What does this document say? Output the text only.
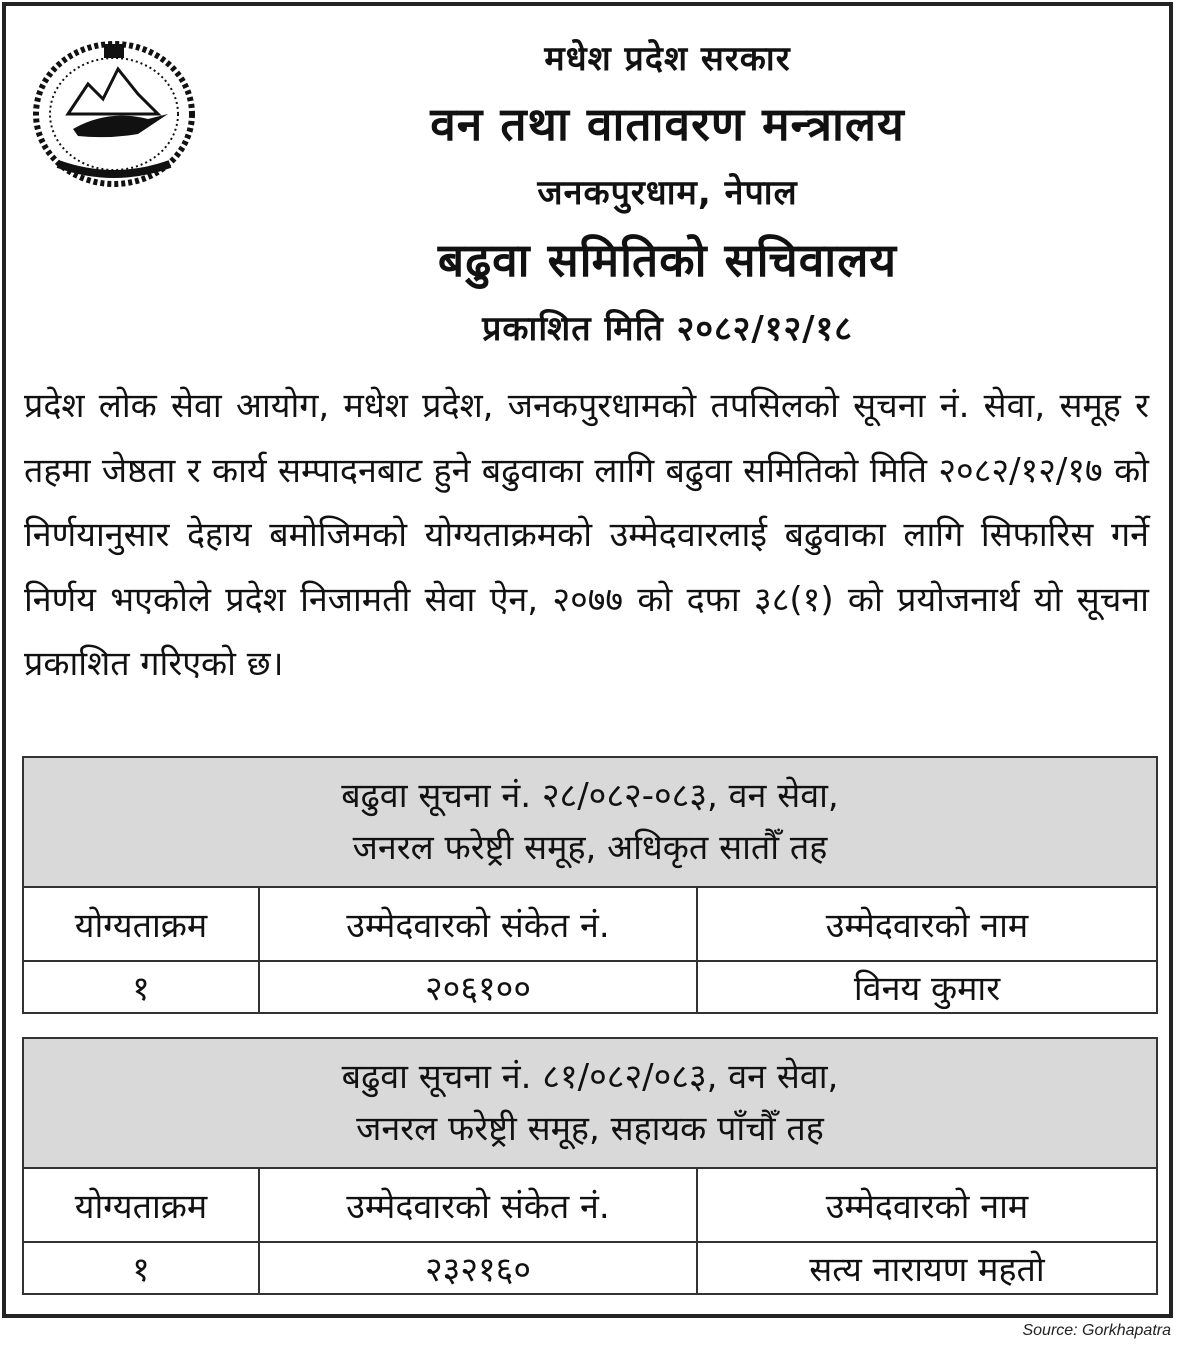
मधेश प्रदेश सरकार
वन तथा वातावरण मन्त्रालय
जनकपुरधाम, नेपाल
बढुवा समितिको सचिवालय
प्रकाशित मिति २०८२/१२/१८
प्रदेश लोक सेवा आयोग, मधेश प्रदेश, जनकपुरधामको तपसिलको सूचना नं. सेवा, समूह र तहमा जेष्ठता र कार्य सम्पादनबाट हुने बढुवाका लागि बढुवा समितिको मिति २०८२/१२/१७ को निर्णयानुसार देहाय बमोजिमको योग्यताक्रमको उम्मेदवारलाई बढुवाका लागि सिफारिस गर्ने निर्णय भएकोले प्रदेश निजामती सेवा ऐन, २०७७ को दफा ३८(१) को प्रयोजनार्थ यो सूचना प्रकाशित गरिएको छ।
बढुवा सूचना नं. २८/०८२-०८३, वन सेवा,
जनरल फरेष्ट्री समूह, अधिकृत सातौँ तह		

योग्यताक्रम	उम्मेदवारको संकेत नं.	उम्मेदवारको नाम
१	२०६१००	विनय कुमार
बढुवा सूचना नं. ८१/०८२/०८३, वन सेवा,
जनरल फरेष्ट्री समूह, सहायक पाँचौँ तह		

योग्यताक्रम	उम्मेदवारको संकेत नं.	उम्मेदवारको नाम
१	२३२१६०	सत्य नारायण महतो
Source: Gorkhapatra
